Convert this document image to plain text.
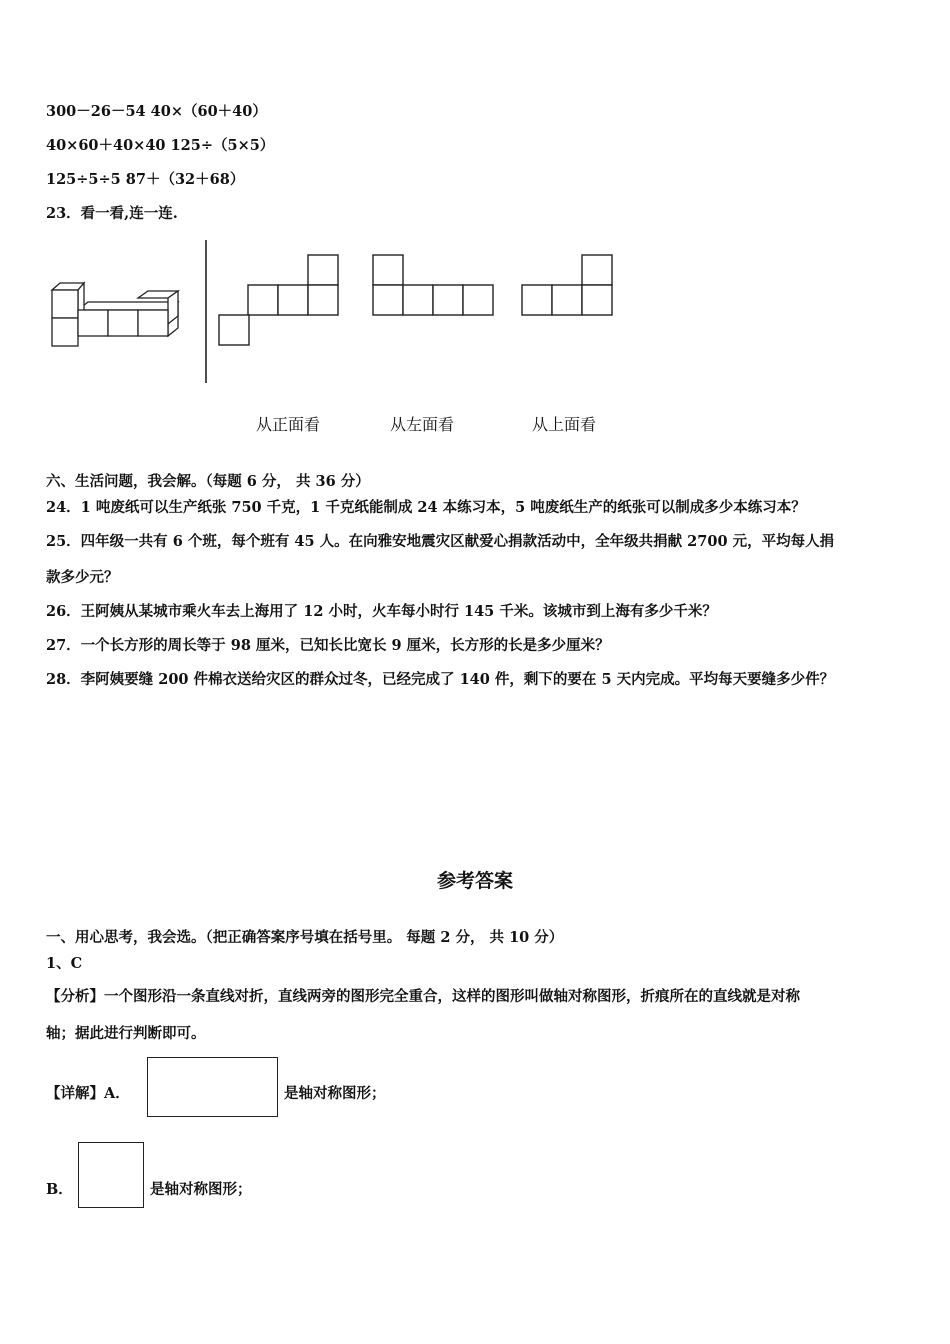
300－26－54 40×（60＋40）
40×60＋40×40 125÷（5×5）
125÷5÷5 87＋（32＋68）
23．看一看,连一连.
从正面看	从左面看	从上面看
六、生活问题，我会解。（每题 6 分， 共 36 分）
24．1 吨废纸可以生产纸张 750 千克，1 千克纸能制成 24 本练习本，5 吨废纸生产的纸张可以制成多少本练习本？
25．四年级一共有 6 个班，每个班有 45 人。在向雅安地震灾区献爱心捐款活动中，全年级共捐献 2700 元，平均每人捐
款多少元？
26．王阿姨从某城市乘火车去上海用了 12 小时，火车每小时行 145 千米。该城市到上海有多少千米？
27．一个长方形的周长等于 98 厘米，已知长比宽长 9 厘米，长方形的长是多少厘米？
28．李阿姨要缝 200 件棉衣送给灾区的群众过冬，已经完成了 140 件，剩下的要在 5 天内完成。平均每天要缝多少件？
参考答案
一、用心思考，我会选。（把正确答案序号填在括号里。 每题 2 分， 共 10 分）
1、C
【分析】一个图形沿一条直线对折，直线两旁的图形完全重合，这样的图形叫做轴对称图形，折痕所在的直线就是对称
轴；据此进行判断即可。
【详解】A．	是轴对称图形；
B．	是轴对称图形；
